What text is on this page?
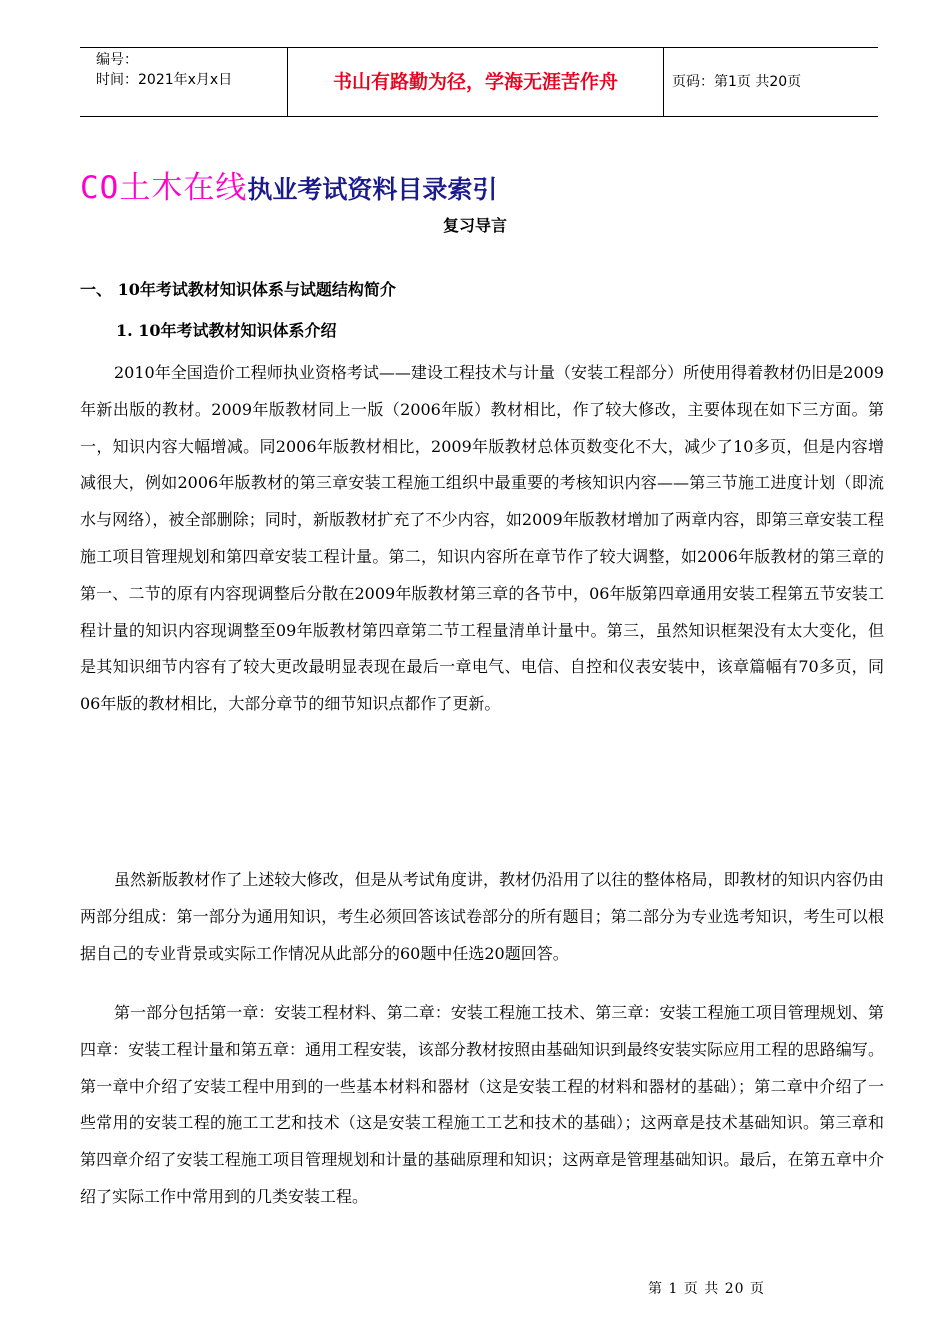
编号：
时间：2021年x月x日	书山有路勤为径，学海无涯苦作舟	页码：第1页 共20页
CO土木在线执业考试资料目录索引
复习导言
一、 10年考试教材知识体系与试题结构简介
1. 10年考试教材知识体系介绍

2010年全国造价工程师执业资格考试——建设工程技术与计量（安装工程部分）所使用得着教材仍旧是2009年新出版的教材。2009年版教材同上一版（2006年版）教材相比，作了较大修改，主要体现在如下三方面。第一，知识内容大幅增减。同2006年版教材相比，2009年版教材总体页数变化不大，减少了10多页，但是内容增减很大，例如2006年版教材的第三章安装工程施工组织中最重要的考核知识内容——第三节施工进度计划（即流水与网络），被全部删除；同时，新版教材扩充了不少内容，如2009年版教材增加了两章内容，即第三章安装工程施工项目管理规划和第四章安装工程计量。第二，知识内容所在章节作了较大调整，如2006年版教材的第三章的第一、二节的原有内容现调整后分散在2009年版教材第三章的各节中，06年版第四章通用安装工程第五节安装工程计量的知识内容现调整至09年版教材第四章第二节工程量清单计量中。第三，虽然知识框架没有太大变化，但是其知识细节内容有了较大更改最明显表现在最后一章电气、电信、自控和仪表安装中，该章篇幅有70多页，同06年版的教材相比，大部分章节的细节知识点都作了更新。

虽然新版教材作了上述较大修改，但是从考试角度讲，教材仍沿用了以往的整体格局，即教材的知识内容仍由两部分组成：第一部分为通用知识，考生必须回答该试卷部分的所有题目；第二部分为专业选考知识，考生可以根据自己的专业背景或实际工作情况从此部分的60题中任选20题回答。

第一部分包括第一章：安装工程材料、第二章：安装工程施工技术、第三章：安装工程施工项目管理规划、第四章：安装工程计量和第五章：通用工程安装，该部分教材按照由基础知识到最终安装实际应用工程的思路编写。第一章中介绍了安装工程中用到的一些基本材料和器材（这是安装工程的材料和器材的基础）；第二章中介绍了一些常用的安装工程的施工工艺和技术（这是安装工程施工工艺和技术的基础）；这两章是技术基础知识。第三章和第四章介绍了安装工程施工项目管理规划和计量的基础原理和知识；这两章是管理基础知识。最后，在第五章中介绍了实际工作中常用到的几类安装工程。

第 1 页 共 20 页
